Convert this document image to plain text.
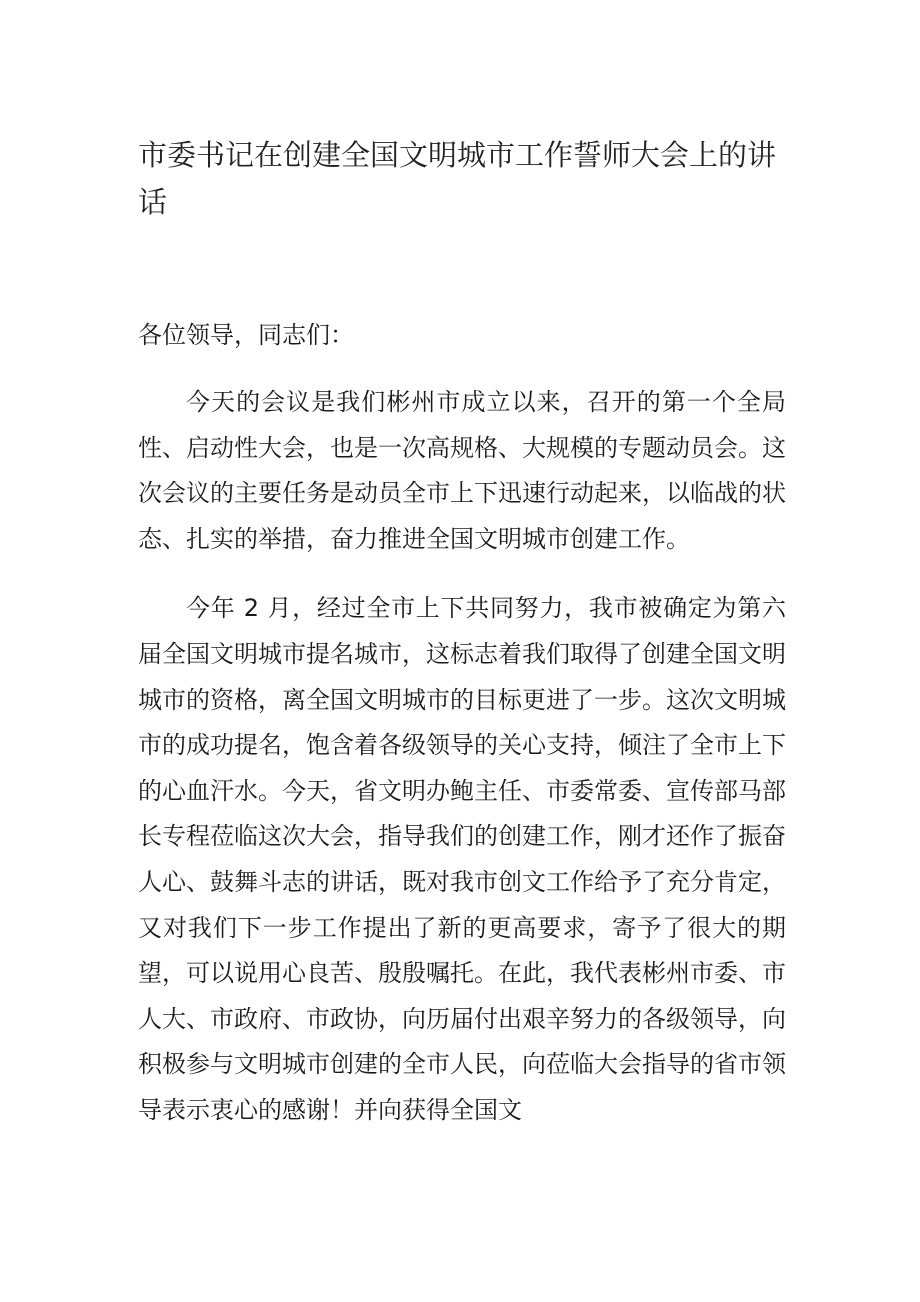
市委书记在创建全国文明城市工作誓师大会上的讲话

各位领导，同志们：

今天的会议是我们彬州市成立以来，召开的第一个全局性、启动性大会，也是一次高规格、大规模的专题动员会。这次会议的主要任务是动员全市上下迅速行动起来，以临战的状态、扎实的举措，奋力推进全国文明城市创建工作。

今年 2 月，经过全市上下共同努力，我市被确定为第六届全国文明城市提名城市，这标志着我们取得了创建全国文明城市的资格，离全国文明城市的目标更进了一步。这次文明城市的成功提名，饱含着各级领导的关心支持，倾注了全市上下的心血汗水。今天，省文明办鲍主任、市委常委、宣传部马部长专程莅临这次大会，指导我们的创建工作，刚才还作了振奋人心、鼓舞斗志的讲话，既对我市创文工作给予了充分肯定，又对我们下一步工作提出了新的更高要求，寄予了很大的期望，可以说用心良苦、殷殷嘱托。在此，我代表彬州市委、市人大、市政府、市政协，向历届付出艰辛努力的各级领导，向积极参与文明城市创建的全市人民，向莅临大会指导的省市领导表示衷心的感谢！并向获得全国文
